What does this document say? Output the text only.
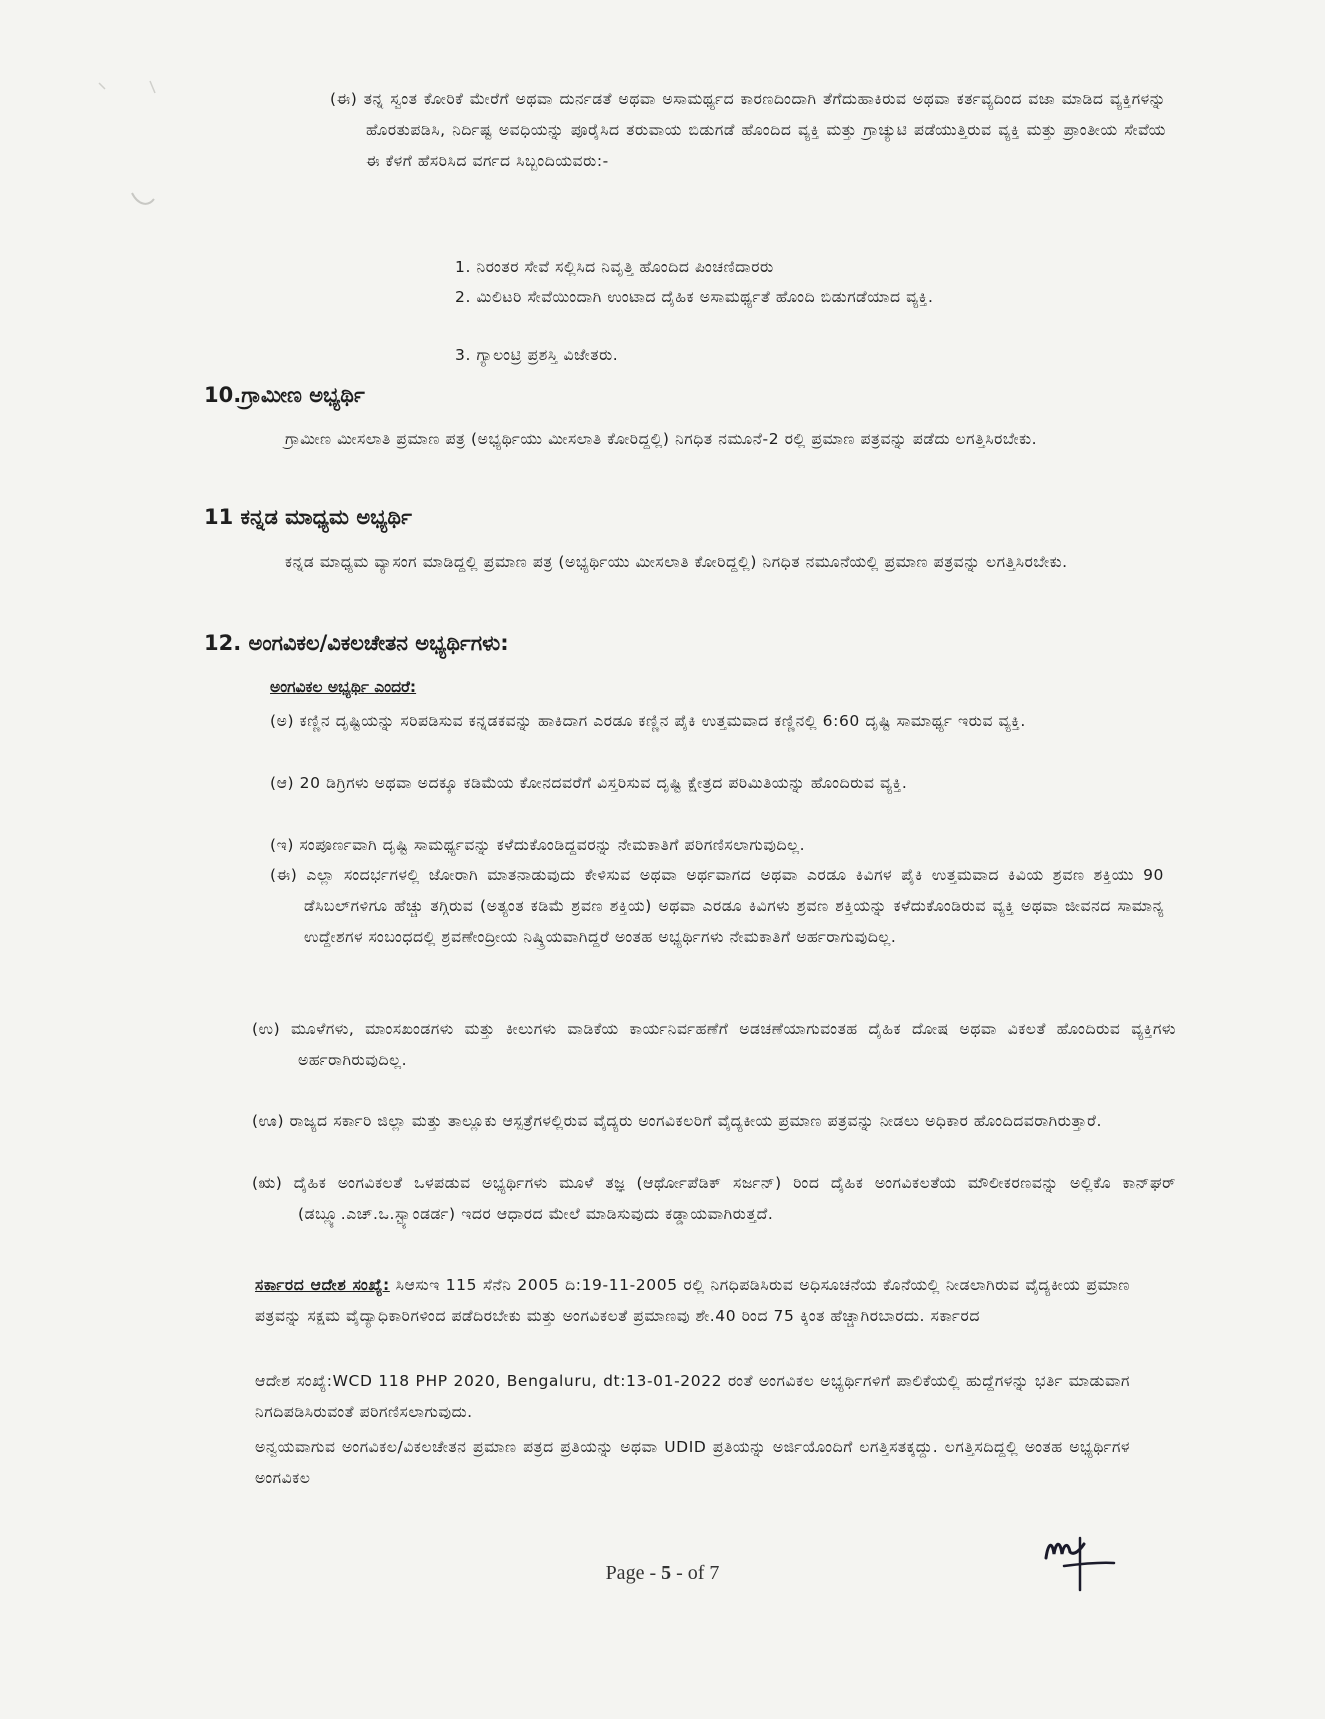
(ಈ) ತನ್ನ ಸ್ವಂತ ಕೋರಿಕೆ ಮೇರೆಗೆ ಅಥವಾ ದುರ್ನಡತೆ ಅಥವಾ ಅಸಾಮರ್ಥ್ಯದ ಕಾರಣದಿಂದಾಗಿ ತೆಗೆದುಹಾಕಿರುವ ಅಥವಾ ಕರ್ತವ್ಯದಿಂದ ವಜಾ ಮಾಡಿದ ವ್ಯಕ್ತಿಗಳನ್ನು ಹೊರತುಪಡಿಸಿ, ನಿರ್ದಿಷ್ಟ ಅವಧಿಯನ್ನು ಪೂರೈಸಿದ ತರುವಾಯ ಬಿಡುಗಡೆ ಹೊಂದಿದ ವ್ಯಕ್ತಿ ಮತ್ತು ಗ್ರಾಚ್ಯುಟಿ ಪಡೆಯುತ್ತಿರುವ ವ್ಯಕ್ತಿ ಮತ್ತು ಪ್ರಾಂತೀಯ ಸೇವೆಯ ಈ ಕೆಳಗೆ ಹೆಸರಿಸಿದ ವರ್ಗದ ಸಿಬ್ಬಂದಿಯವರು:-
1. ನಿರಂತರ ಸೇವೆ ಸಲ್ಲಿಸಿದ ನಿವೃತ್ತಿ ಹೊಂದಿದ ಪಿಂಚಣಿದಾರರು
2. ಮಿಲಿಟರಿ ಸೇವೆಯಿಂದಾಗಿ ಉಂಟಾದ ದೈಹಿಕ ಅಸಾಮರ್ಥ್ಯತೆ ಹೊಂದಿ ಬಿಡುಗಡೆಯಾದ ವ್ಯಕ್ತಿ.
3. ಗ್ಯಾಲಂಟ್ರಿ ಪ್ರಶಸ್ತಿ ವಿಜೇತರು.
10.ಗ್ರಾಮೀಣ ಅಭ್ಯರ್ಥಿ
ಗ್ರಾಮೀಣ ಮೀಸಲಾತಿ ಪ್ರಮಾಣ ಪತ್ರ (ಅಭ್ಯರ್ಥಿಯು ಮೀಸಲಾತಿ ಕೋರಿದ್ದಲ್ಲಿ) ನಿಗಧಿತ ನಮೂನೆ-2 ರಲ್ಲಿ ಪ್ರಮಾಣ ಪತ್ರವನ್ನು ಪಡೆದು ಲಗತ್ತಿಸಿರಬೇಕು.
11 ಕನ್ನಡ ಮಾಧ್ಯಮ ಅಭ್ಯರ್ಥಿ
ಕನ್ನಡ ಮಾಧ್ಯಮ ವ್ಯಾಸಂಗ ಮಾಡಿದ್ದಲ್ಲಿ ಪ್ರಮಾಣ ಪತ್ರ (ಅಭ್ಯರ್ಥಿಯು ಮೀಸಲಾತಿ ಕೋರಿದ್ದಲ್ಲಿ) ನಿಗಧಿತ ನಮೂನೆಯಲ್ಲಿ ಪ್ರಮಾಣ ಪತ್ರವನ್ನು ಲಗತ್ತಿಸಿರಬೇಕು.
12. ಅಂಗವಿಕಲ/ವಿಕಲಚೇತನ ಅಭ್ಯರ್ಥಿಗಳು:
ಅಂಗವಿಕಲ ಅಭ್ಯರ್ಥಿ ಎಂದರೆ:
(ಅ) ಕಣ್ಣಿನ ದೃಷ್ಟಿಯನ್ನು ಸರಿಪಡಿಸುವ ಕನ್ನಡಕವನ್ನು ಹಾಕಿದಾಗ ಎರಡೂ ಕಣ್ಣಿನ ಪೈಕಿ ಉತ್ತಮವಾದ ಕಣ್ಣಿನಲ್ಲಿ 6:60 ದೃಷ್ಟಿ ಸಾಮಾರ್ಥ್ಯ ಇರುವ ವ್ಯಕ್ತಿ.
(ಆ) 20 ಡಿಗ್ರಿಗಳು ಅಥವಾ ಅದಕ್ಕೂ ಕಡಿಮೆಯ ಕೋನದವರೆಗೆ ವಿಸ್ತರಿಸುವ ದೃಷ್ಟಿ ಕ್ಷೇತ್ರದ ಪರಿಮಿತಿಯನ್ನು ಹೊಂದಿರುವ ವ್ಯಕ್ತಿ.
(ಇ) ಸಂಪೂರ್ಣವಾಗಿ ದೃಷ್ಟಿ ಸಾಮರ್ಥ್ಯವನ್ನು ಕಳೆದುಕೊಂಡಿದ್ದವರನ್ನು ನೇಮಕಾತಿಗೆ ಪರಿಗಣಿಸಲಾಗುವುದಿಲ್ಲ.
(ಈ) ಎಲ್ಲಾ ಸಂದರ್ಭಗಳಲ್ಲಿ ಜೋರಾಗಿ ಮಾತನಾಡುವುದು ಕೇಳಿಸುವ ಅಥವಾ ಅರ್ಥವಾಗದ ಅಥವಾ ಎರಡೂ ಕಿವಿಗಳ ಪೈಕಿ ಉತ್ತಮವಾದ ಕಿವಿಯ ಶ್ರವಣ ಶಕ್ತಿಯು 90 ಡೆಸಿಬಲ್‌ಗಳಿಗೂ ಹೆಚ್ಚು ತಗ್ಗಿರುವ (ಅತ್ಯಂತ ಕಡಿಮೆ ಶ್ರವಣ ಶಕ್ತಿಯ) ಅಥವಾ ಎರಡೂ ಕಿವಿಗಳು ಶ್ರವಣ ಶಕ್ತಿಯನ್ನು ಕಳೆದುಕೊಂಡಿರುವ ವ್ಯಕ್ತಿ ಅಥವಾ ಜೀವನದ ಸಾಮಾನ್ಯ ಉದ್ದೇಶಗಳ ಸಂಬಂಧದಲ್ಲಿ ಶ್ರವಣೇಂದ್ರೀಯ ನಿಷ್ಕ್ರಿಯವಾಗಿದ್ದರೆ ಅಂತಹ ಅಭ್ಯರ್ಥಿಗಳು ನೇಮಕಾತಿಗೆ ಅರ್ಹರಾಗುವುದಿಲ್ಲ.
(ಉ) ಮೂಳೆಗಳು, ಮಾಂಸಖಂಡಗಳು ಮತ್ತು ಕೀಲುಗಳು ವಾಡಿಕೆಯ ಕಾರ್ಯನಿರ್ವಹಣೆಗೆ ಅಡಚಣೆಯಾಗುವಂತಹ ದೈಹಿಕ ದೋಷ ಅಥವಾ ವಿಕಲತೆ ಹೊಂದಿರುವ ವ್ಯಕ್ತಿಗಳು ಅರ್ಹರಾಗಿರುವುದಿಲ್ಲ.
(ಊ) ರಾಜ್ಯದ ಸರ್ಕಾರಿ ಜಿಲ್ಲಾ ಮತ್ತು ತಾಲ್ಲೂಕು ಆಸ್ಪತ್ರೆಗಳಲ್ಲಿರುವ ವೈದ್ಯರು ಅಂಗವಿಕಲರಿಗೆ ವೈದ್ಯಕೀಯ ಪ್ರಮಾಣ ಪತ್ರವನ್ನು ನೀಡಲು ಅಧಿಕಾರ ಹೊಂದಿದವರಾಗಿರುತ್ತಾರೆ.
(ಋ) ದೈಹಿಕ ಅಂಗವಿಕಲತೆ ಒಳಪಡುವ ಅಭ್ಯರ್ಥಿಗಳು ಮೂಳೆ ತಜ್ಞ (ಆರ್ಥೋಪೆಡಿಕ್ ಸರ್ಜನ್) ರಿಂದ ದೈಹಿಕ ಅಂಗವಿಕಲತೆಯ ಮೌಲೀಕರಣವನ್ನು ಅಲ್ಲಿಕೊ ಕಾನ್‌ಘರ್ (ಡಬ್ಲ್ಯೂ.ಎಚ್.ಒ.ಸ್ಟ್ಯಾಂಡರ್ಡ) ಇದರ ಆಧಾರದ ಮೇಲೆ ಮಾಡಿಸುವುದು ಕಡ್ಡಾಯವಾಗಿರುತ್ತದೆ.
ಸರ್ಕಾರದ ಆದೇಶ ಸಂಖ್ಯೆ: ಸಿಆಸುಇ 115 ಸೆನೆನಿ 2005 ದಿ:19-11-2005 ರಲ್ಲಿ ನಿಗಧಿಪಡಿಸಿರುವ ಅಧಿಸೂಚನೆಯ ಕೊನೆಯಲ್ಲಿ ನೀಡಲಾಗಿರುವ ವೈದ್ಯಕೀಯ ಪ್ರಮಾಣ ಪತ್ರವನ್ನು ಸಕ್ಷಮ ವೈದ್ಯಾಧಿಕಾರಿಗಳಿಂದ ಪಡೆದಿರಬೇಕು ಮತ್ತು ಅಂಗವಿಕಲತೆ ಪ್ರಮಾಣವು ಶೇ.40 ರಿಂದ 75 ಕ್ಕಿಂತ ಹೆಚ್ಚಾಗಿರಬಾರದು. ಸರ್ಕಾರದ
ಆದೇಶ ಸಂಖ್ಯೆ:WCD 118 PHP 2020, Bengaluru, dt:13-01-2022 ರಂತೆ ಅಂಗವಿಕಲ ಅಭ್ಯರ್ಥಿಗಳಿಗೆ ಪಾಲಿಕೆಯಲ್ಲಿ ಹುದ್ದೆಗಳನ್ನು ಭರ್ತಿ ಮಾಡುವಾಗ ನಿಗದಿಪಡಿಸಿರುವಂತೆ ಪರಿಗಣಿಸಲಾಗುವುದು.
ಅನ್ವಯವಾಗುವ ಅಂಗವಿಕಲ/ವಿಕಲಚೇತನ ಪ್ರಮಾಣ ಪತ್ರದ ಪ್ರತಿಯನ್ನು ಅಥವಾ UDID ಪ್ರತಿಯನ್ನು ಅರ್ಜಿಯೊಂದಿಗೆ ಲಗತ್ತಿಸತಕ್ಕದ್ದು. ಲಗತ್ತಿಸದಿದ್ದಲ್ಲಿ ಅಂತಹ ಅಭ್ಯರ್ಥಿಗಳ ಅಂಗವಿಕಲ
Page - 5 - of 7
